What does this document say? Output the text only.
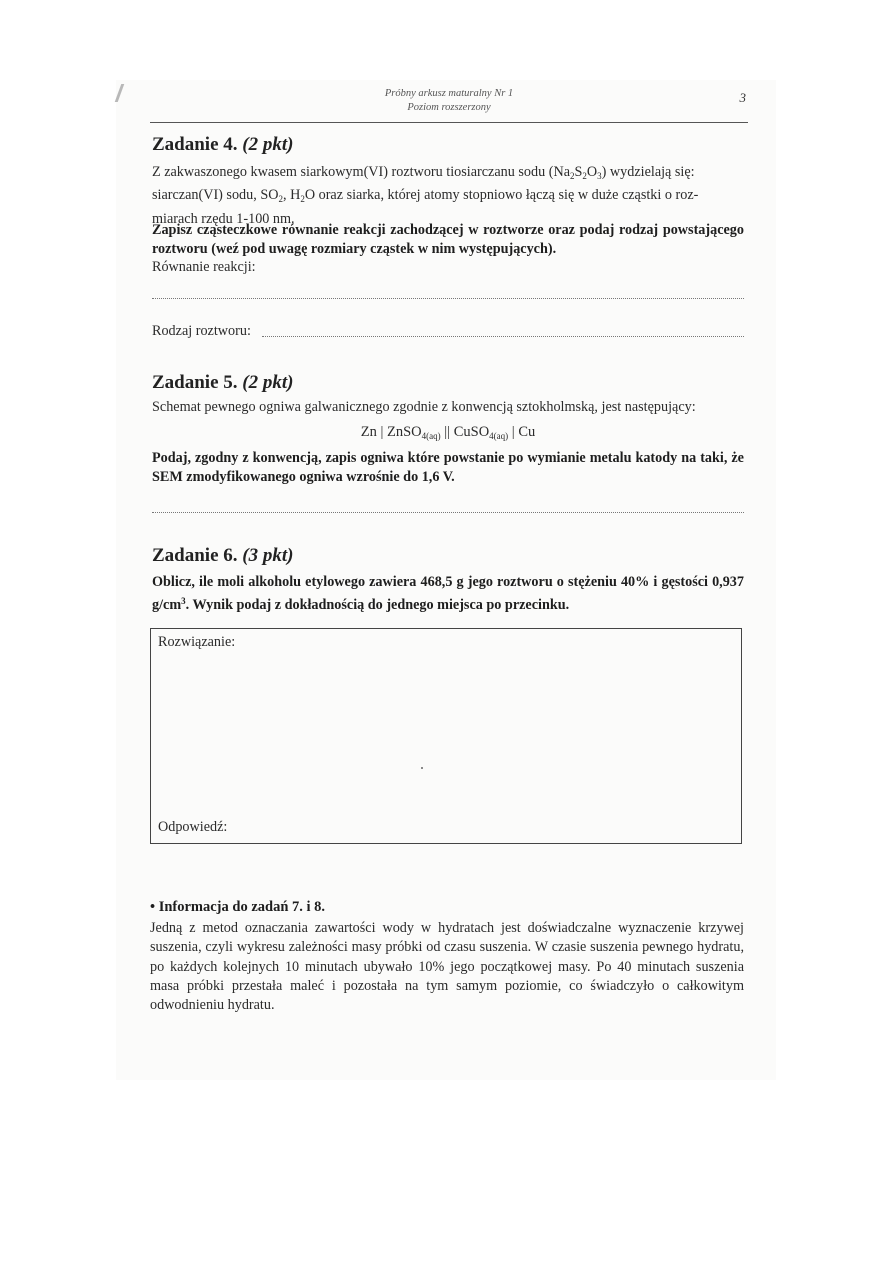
Próbny arkusz maturalny Nr 1
Poziom rozszerzony
3
Zadanie 4. (2 pkt)
Z zakwaszonego kwasem siarkowym(VI) roztworu tiosiarczanu sodu $(Na_2S_2O_3)$ wydzielają się:
siarczan(VI) sodu, $SO_2$, $H_2O$ oraz siarka, której atomy stopniowo łączą się w duże cząstki o roz-
miarach rzędu 1-100 nm.
Zapisz cząsteczkowe równanie reakcji zachodzącej w roztworze oraz podaj rodzaj powstającego roztworu (weź pod uwagę rozmiary cząstek w nim występujących).
Równanie reakcji:
Rodzaj roztworu:
Zadanie 5. (2 pkt)
Schemat pewnego ogniwa galwanicznego zgodnie z konwencją sztokholmską, jest następujący:
Zn | ZnSO$_{4(aq)}$ || CuSO$_{4(aq)}$ | Cu
Podaj, zgodny z konwencją, zapis ogniwa które powstanie po wymianie metalu katody na taki, że SEM zmodyfikowanego ogniwa wzrośnie do 1,6 V.
Zadanie 6. (3 pkt)
Oblicz, ile moli alkoholu etylowego zawiera 468,5 g jego roztworu o stężeniu 40% i gęstości 0,937 $g/cm^3$. Wynik podaj z dokładnością do jednego miejsca po przecinku.
Rozwiązanie:
Odpowiedź:
• Informacja do zadań 7. i 8.
Jedną z metod oznaczania zawartości wody w hydratach jest doświadczalne wyznaczenie krzywej suszenia, czyli wykresu zależności masy próbki od czasu suszenia. W czasie suszenia pewnego hydratu, po każdych kolejnych 10 minutach ubywało 10% jego początkowej masy. Po 40 minutach suszenia masa próbki przestała maleć i pozostała na tym samym poziomie, co świadczyło o całkowitym odwodnieniu hydratu.
